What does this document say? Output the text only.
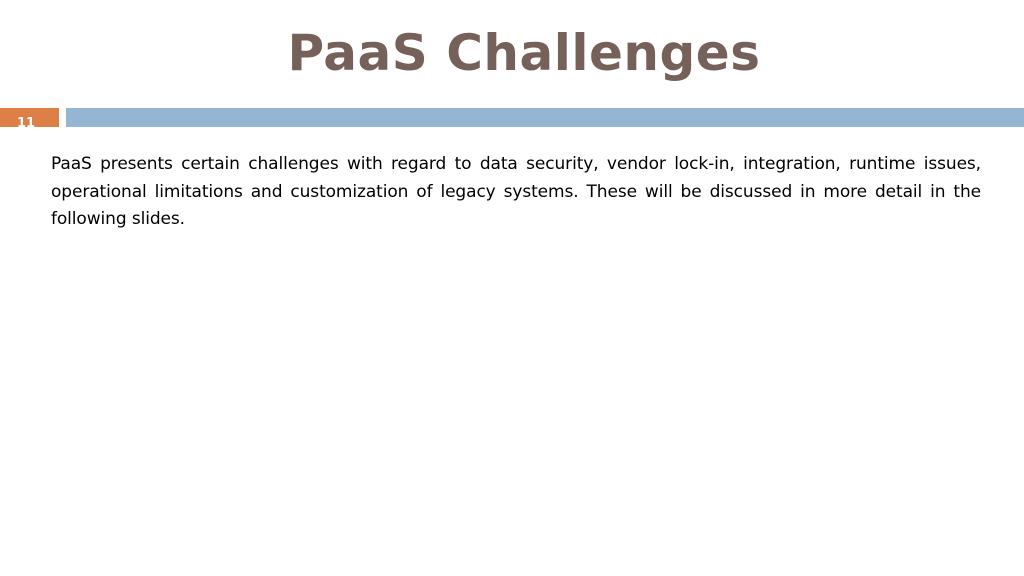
PaaS Challenges
11

PaaS presents certain challenges with regard to data security, vendor lock-in, integration, runtime issues, operational limitations and customization of legacy systems. These will be discussed in more detail in the following slides.
